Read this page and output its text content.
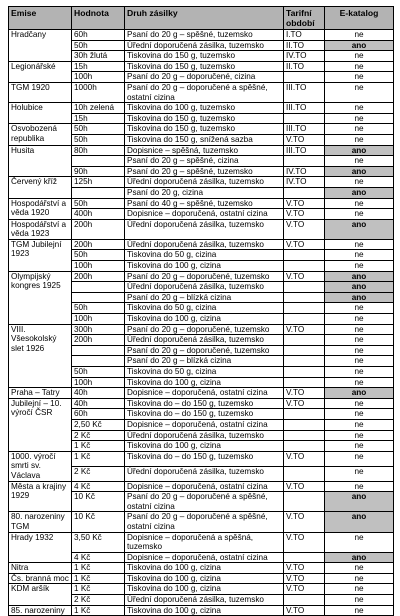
Emise	Hodnota	Druh zásilky	Tarifní období	E-katalog
Hradčany	60h	Psaní do 20 g – spěšné, tuzemsko	I.TO	ne
	50h	Úřední doporučená zásilka, tuzemsko	II.TO	ano
	30h žlutá	Tiskovina do 150 g, tuzemsko	IV.TO	ne
Legionářské	15h	Tiskovina do 150 g, tuzemsko	II.TO	ne
	100h	Psaní do 20 g – doporučené, cizina		ne
TGM 1920	1000h	Psaní do 20 g – doporučené a spěšné, ostatní cizina	III.TO	ne
Holubice	10h zelená	Tiskovina do 100 g, tuzemsko	III.TO	ne
	15h	Tiskovina do 150 g, tuzemsko		ne
Osvobozená republika	50h	Tiskovina do 150 g, tuzemsko	III.TO	ne
	50h	Tiskovina do 150 g, snížená sazba	V.TO	ne
Husita	80h	Dopisnice – spěšná, tuzemsko	III.TO	ano
		Psaní do 20 g – spěšné, cizina		ne
	90h	Psaní do 20 g – spěšné, tuzemsko	IV.TO	ano
Červený kříž	125h	Úřední doporučená zásilka, tuzemsko	IV.TO	ne
		Psaní do 20 g, cizina		ano
Hospodářství a věda 1920	50h	Psaní do 40 g – spěšné, tuzemsko	V.TO	ne
	400h	Dopisnice – doporučená, ostatní cizina	V.TO	ne
Hospodářství a věda 1923	200h	Úřední doporučená zásilka, tuzemsko	V.TO	ano
TGM Jubilejní 1923	200h	Úřední doporučená zásilka, tuzemsko	V.TO	ne
	50h	Tiskovina do 50 g, cizina		ne
	100h	Tiskovina do 100 g, cizina		ne
Olympijský kongres 1925	200h	Psaní do 20 g – doporučené, tuzemsko	V.TO	ano
		Úřední doporučená zásilka, tuzemsko		ano
		Psaní do 20 g – blízká cizina		ano
	50h	Tiskovina do 50 g, cizina		ne
	100h	Tiskovina do 100 g, cizina		ne
VIII. Všesokolský slet 1926	300h	Psaní do 20 g – doporučené, tuzemsko	V.TO	ne
	200h	Úřední doporučená zásilka, tuzemsko		ne
		Psaní do 20 g – doporučené, tuzemsko		ne
		Psaní do 20 g – blízká cizina		ne
	50h	Tiskovina do 50 g, cizina		ne
	100h	Tiskovina do 100 g, cizina		ne
Praha – Tatry	40h	Dopisnice – doporučená, ostatní cizina	V.TO	ano
Jubilejní – 10. výročí ČSR	40h	Tiskovina do – do 150 g, tuzemsko	V.TO	ne
	60h	Tiskovina do – do 150 g, tuzemsko		ne
	2,50 Kč	Dopisnice – doporučená, ostatní cizina		ne
	2 Kč	Úřední doporučená zásilka, tuzemsko		ne
	1 Kč	Tiskovina do 100 g, cizina		ne
1000. výročí smrti sv. Václava	1 Kč	Tiskovina do – do 150 g, tuzemsko	V.TO	ne
	2 Kč	Úřední doporučená zásilka, tuzemsko		ne
Města a krajiny 1929	4 Kč	Dopisnice – doporučená, ostatní cizina	V.TO	ne
	10 Kč	Psaní do 20 g – doporučené a spěšné, ostatní cizina		ano
80. narozeniny TGM	10 Kč	Psaní do 20 g – doporučené a spěšné, ostatní cizina	V.TO	ano
Hrady 1932	3,50 Kč	Dopisnice – doporučená a spěšná, tuzemsko	V.TO	ne
	4 Kč	Dopisnice – doporučená, ostatní cizina		ano
Nitra	1 Kč	Tiskovina do 100 g, cizina	V.TO	ne
Čs. branná moc	1 Kč	Tiskovina do 100 g, cizina	V.TO	ne
KDM aršík	1 Kč	Tiskovina do 100 g, cizina	V.TO	ne
	2 Kč	Úřední doporučená zásilka, tuzemsko		ne
85. narozeniny	1 Kč	Tiskovina do 100 g, cizina	V.TO	ne
